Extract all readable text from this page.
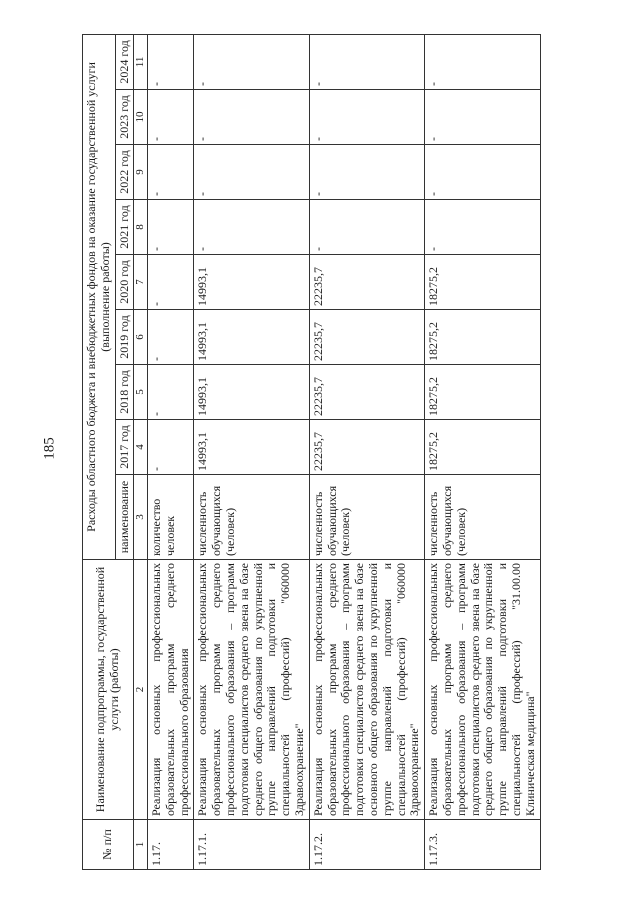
185
№ п/п	Наименование подпрограммы, государственной услуги (работы)	Расходы областного бюджета и внебюджетных фондов на оказание государственной услуги (выполнение работы)								
		наименование	2017 год	2018 год	2019 год	2020 год	2021 год	2022 год	2023 год	2024 год
1	2	3	4	5	6	7	8	9	10	11
1.17.	Реализация основных профессиональных образовательных программ среднего профессионального образования	количество человек	-	-	-	-	-	-	-	-
1.17.1.	Реализация основных профессиональных образовательных программ среднего профессионального образования – программ подготовки специалистов среднего звена на базе среднего общего образования по укрупненной группе направлений подготовки и специальностей (профессий) "060000 Здравоохранение"	численность обучающихся (человек)	14993,1	14993,1	14993,1	14993,1	-	-	-	-
1.17.2.	Реализация основных профессиональных образовательных программ среднего профессионального образования – программ подготовки специалистов среднего звена на базе основного общего образования по укрупненной группе направлений подготовки и специальностей (профессий) "060000 Здравоохранение"	численность обучающихся (человек)	22235,7	22235,7	22235,7	22235,7	-	-	-	-
1.17.3.	Реализация основных профессиональных образовательных программ среднего профессионального образования – программ подготовки специалистов среднего звена на базе среднего общего образования по укрупненной группе направлений подготовки и специальностей (профессий) "31.00.00 Клиническая медицина"	численность обучающихся (человек)	18275,2	18275,2	18275,2	18275,2	-	-	-	-
